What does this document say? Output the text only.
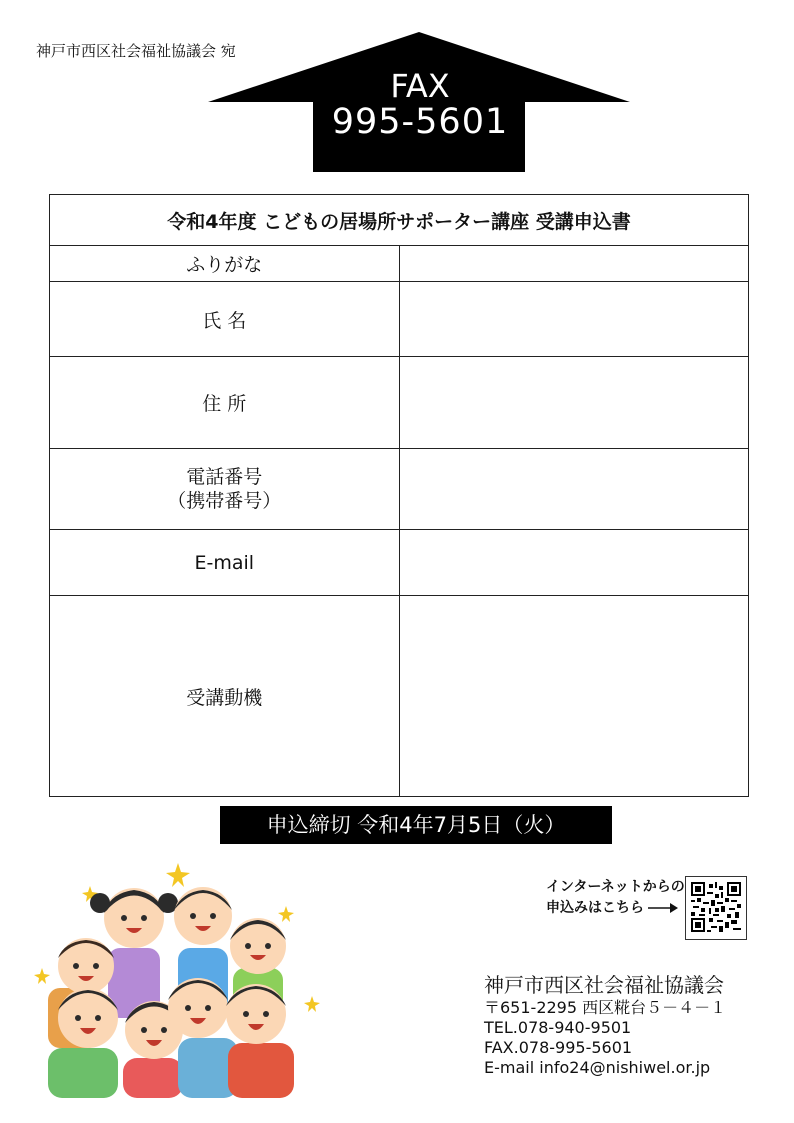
神戸市西区社会福祉協議会 宛
FAX
995-5601
令和4年度 こどもの居場所サポーター講座 受講申込書	
ふりがな	
氏 名	
住 所	

電話番号
（携帯番号）	

E-mail	
受講動機	
申込締切 令和4年7月5日（火）
インターネットからの
申込みはこちら
神戸市西区社会福祉協議会
〒651-2295 西区糀台５－４－１
TEL.078-940-9501
FAX.078-995-5601
E-mail info24@nishiwel.or.jp
